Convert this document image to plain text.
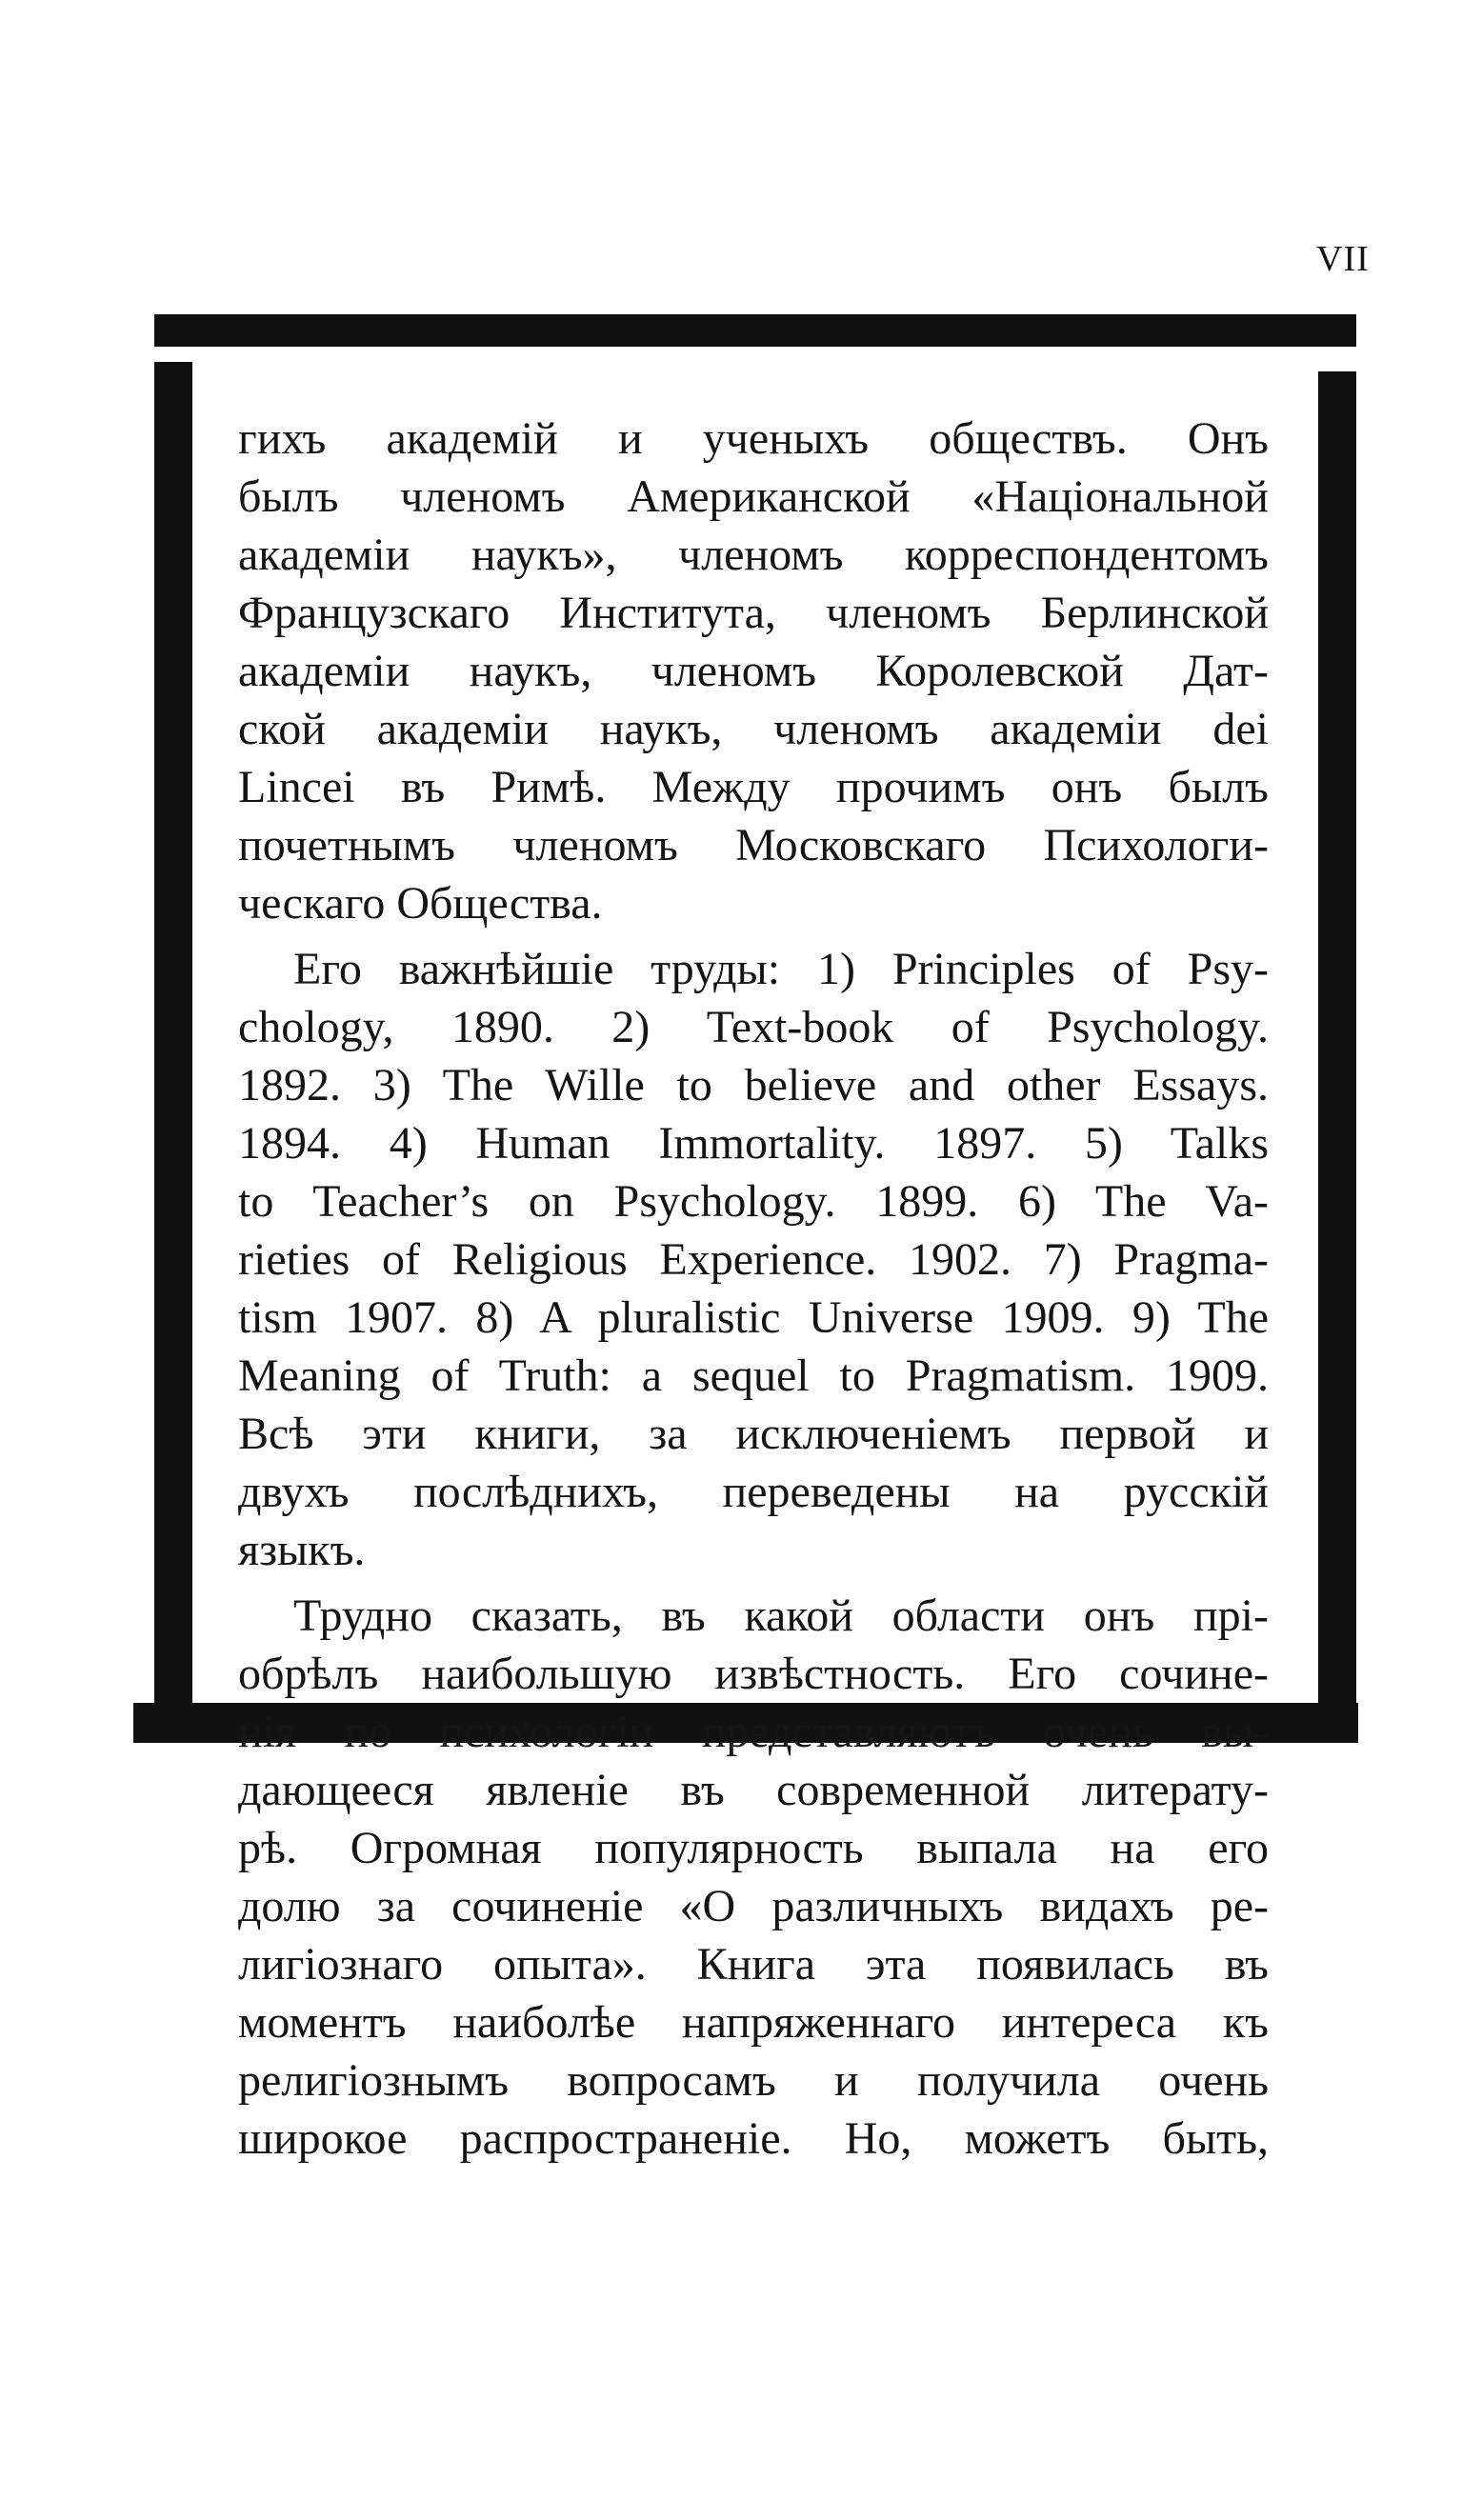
VII
гихъ академій и ученыхъ обществъ. Онъ
былъ членомъ Американской «Національной
академіи наукъ», членомъ корреспондентомъ
Французскаго Института, членомъ Берлинской
академіи наукъ, членомъ Королевской Дат-
ской академіи наукъ, членомъ академіи dei
Lincei въ Римѣ. Между прочимъ онъ былъ
почетнымъ членомъ Московскаго Психологи-
ческаго Общества.
Его важнѣйшіе труды: 1) Principles of Psy-
chology, 1890. 2) Text-book of Psychology.
1892. 3) The Wille to believe and other Essays.
1894. 4) Human Immortality. 1897. 5) Talks
to Teacher’s on Psychology. 1899. 6) The Va-
rieties of Religious Experience. 1902. 7) Pragma-
tism 1907. 8) A pluralistic Universe 1909. 9) The
Meaning of Truth: a sequel to Pragmatism. 1909.
Всѣ эти книги, за исключеніемъ первой и
двухъ послѣднихъ, переведены на русскій
языкъ.
Трудно сказать, въ какой области онъ прі-
обрѣлъ наибольшую извѣстность. Его сочине-
нія по психологіи представляютъ очень вы-
дающееся явленіе въ современной литерату-
рѣ. Огромная популярность выпала на его
долю за сочиненіе «О различныхъ видахъ ре-
лигіознаго опыта». Книга эта появилась въ
моментъ наиболѣе напряженнаго интереса къ
религіознымъ вопросамъ и получила очень
широкое распространеніе. Но, можетъ быть,
